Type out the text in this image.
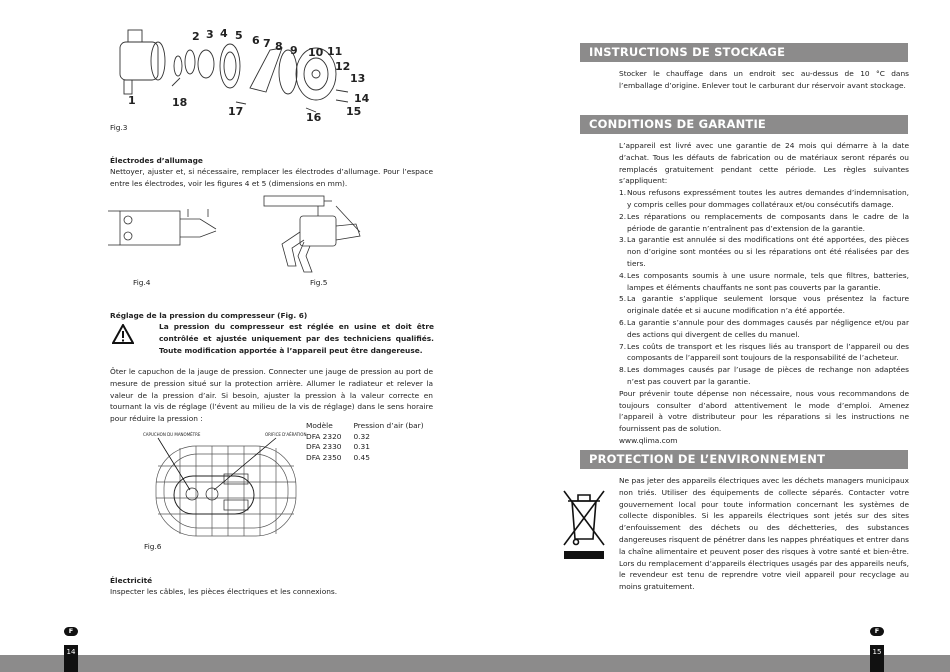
1
2 3 4 5 6 7 8 9 10 11
12
13
14
15
16
17
18
Fig.3
Électrodes d’allumage
Nettoyer, ajuster et, si nécessaire, remplacer les électrodes d’allumage. Pour l’espace entre les électrodes, voir les figures 4 et 5 (dimensions en mm).
Fig.4	Fig.5
Réglage de la pression du compresseur (Fig. 6)
La pression du compresseur est réglée en usine et doit être contrôlée et ajustée uniquement par des techniciens qualifiés. Toute modification apportée à l’appareil peut être dangereuse.
Ôter le capuchon de la jauge de pression. Connecter une jauge de pression au port de mesure de pression situé sur la protection arrière. Allumer le radiateur et relever la valeur de la pression d’air. Si besoin, ajuster la pression à la valeur correcte en tournant la vis de réglage (l’évent au milieu de la vis de réglage) dans le sens horaire pour réduire la pression :
CAPUCHON DU MANOMÈTRE	ORIFICE D'AÉRATION
Fig.6
Modèle	Pression d’air (bar)
DFA 2320	0.32
DFA 2330	0.31
DFA 2350	0.45
Électricité
Inspecter les câbles, les pièces électriques et les connexions.
F
14
INSTRUCTIONS DE STOCKAGE
Stocker le chauffage dans un endroit sec au-dessus de 10 °C dans l’emballage d’origine. Enlever tout le carburant dur réservoir avant stockage.
CONDITIONS DE GARANTIE
L’appareil est livré avec une garantie de 24 mois qui démarre à la date d’achat. Tous les défauts de fabrication ou de matériaux seront réparés ou remplacés gratuitement pendant cette période. Les règles suivantes s’appliquent:
1. Nous refusons expressément toutes les autres demandes d’indemnisation, y compris celles pour dommages collatéraux et/ou consécutifs damage.
2. Les réparations ou remplacements de composants dans le cadre de la période de garantie n’entraînent pas d’extension de la garantie.
3. La garantie est annulée si des modifications ont été apportées, des pièces non d’origine sont montées ou si les réparations ont été réalisées par des tiers.
4. Les composants soumis à une usure normale, tels que filtres, batteries, lampes et éléments chauffants ne sont pas couverts par la garantie.
5. La garantie s’applique seulement lorsque vous présentez la facture originale datée et si aucune modification n’a été apportée.
6. La garantie s’annule pour des dommages causés par négligence et/ou par des actions qui divergent de celles du manuel.
7. Les coûts de transport et les risques liés au transport de l’appareil ou des composants de l’appareil sont toujours de la responsabilité de l’acheteur.
8. Les dommages causés par l’usage de pièces de rechange non adaptées n’est pas couvert par la garantie.
Pour prévenir toute dépense non nécessaire, nous vous recommandons de toujours consulter d’abord attentivement le mode d’emploi. Amenez l’appareil à votre distributeur pour les réparations si les instructions ne fournissent pas de solution.
www.qlima.com
PROTECTION DE L’ENVIRONNEMENT
Ne pas jeter des appareils électriques avec les déchets managers municipaux non triés. Utiliser des équipements de collecte séparés. Contacter votre gouvernement local pour toute information concernant les systèmes de collecte disponibles. Si les appareils électriques sont jetés sur des sites d’enfouissement des déchets ou des déchetteries, des substances dangereuses risquent de pénétrer dans les nappes phréatiques et entrer dans la chaîne alimentaire et peuvent poser des risques à votre santé et bien-être. Lors du remplacement d’appareils électriques usagés par des appareils neufs, le revendeur est tenu de reprendre votre vieil appareil pour recyclage au moins gratuitement.
F
15
